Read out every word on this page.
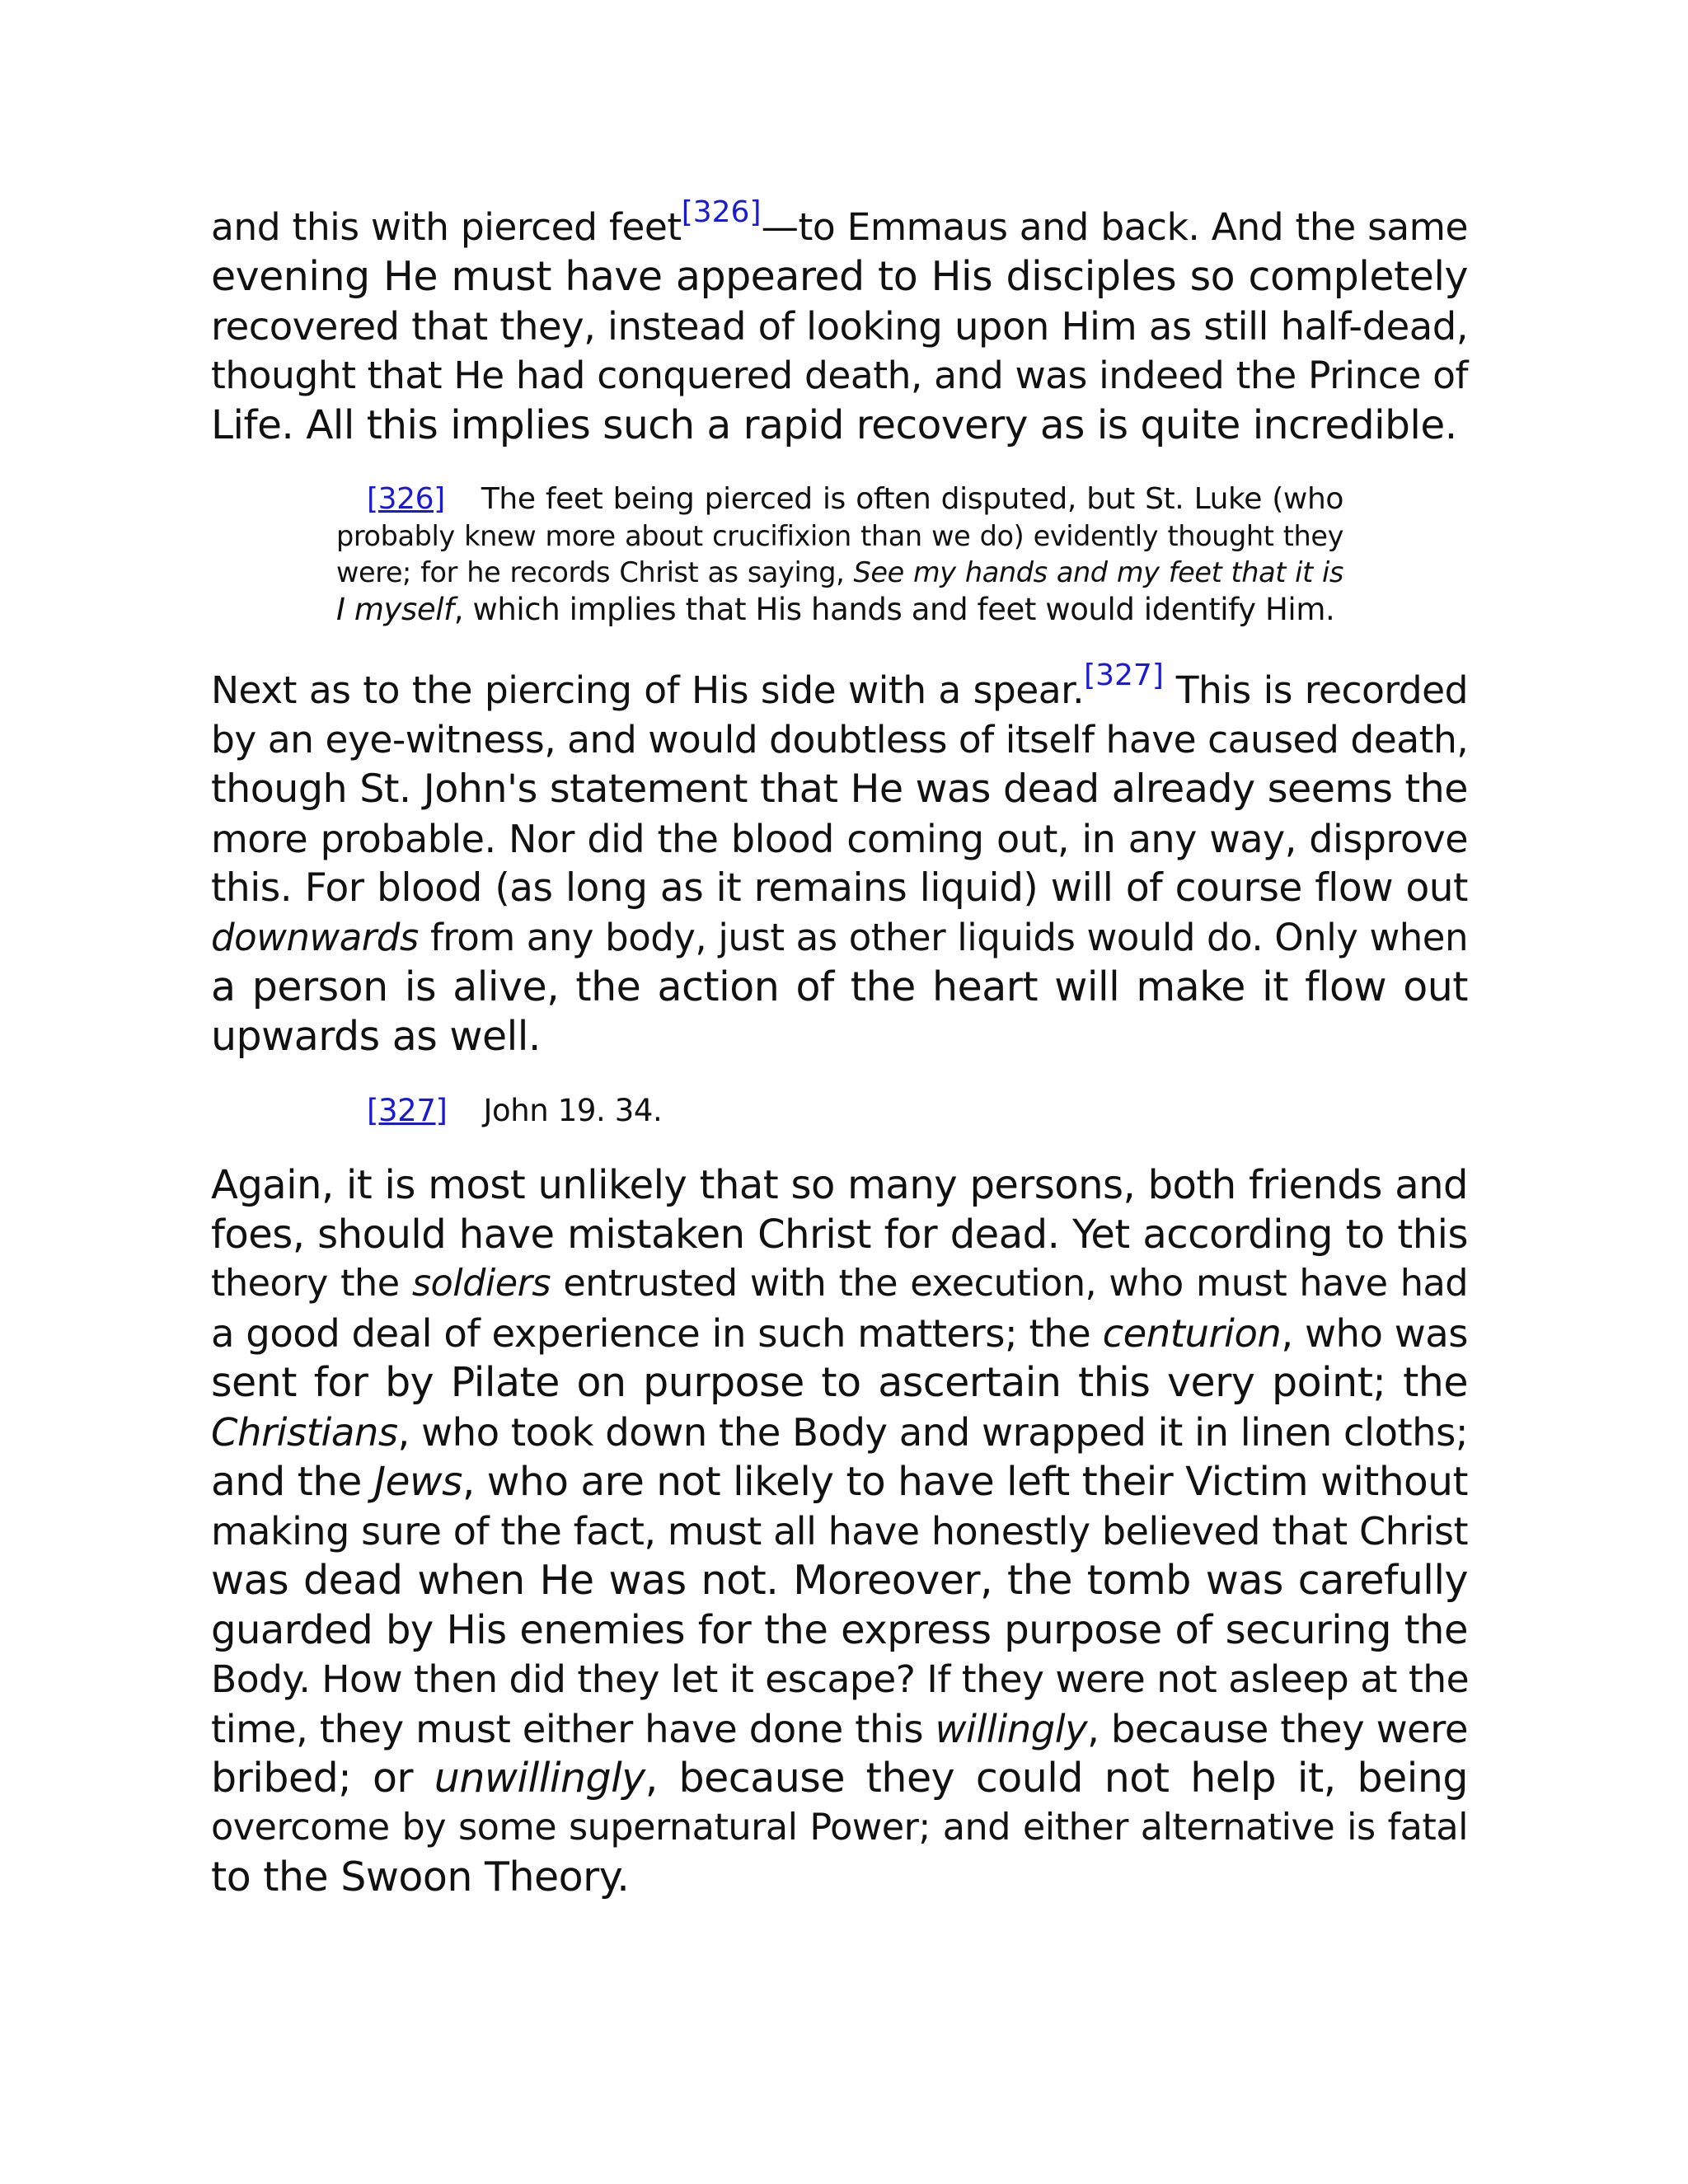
and this with pierced feet[326]—to Emmaus and back. And the same
evening He must have appeared to His disciples so completely
recovered that they, instead of looking upon Him as still half-dead,
thought that He had conquered death, and was indeed the Prince of
Life. All this implies such a rapid recovery as is quite incredible.
[326] The feet being pierced is often disputed, but St. Luke (who
probably knew more about crucifixion than we do) evidently thought they
were; for he records Christ as saying, See my hands and my feet that it is
I myself, which implies that His hands and feet would identify Him.
Next as to the piercing of His side with a spear.[327] This is recorded
by an eye-witness, and would doubtless of itself have caused death,
though St. John's statement that He was dead already seems the
more probable. Nor did the blood coming out, in any way, disprove
this. For blood (as long as it remains liquid) will of course flow out
downwards from any body, just as other liquids would do. Only when
a person is alive, the action of the heart will make it flow out
upwards as well.
[327] John 19. 34.
Again, it is most unlikely that so many persons, both friends and
foes, should have mistaken Christ for dead. Yet according to this
theory the soldiers entrusted with the execution, who must have had
a good deal of experience in such matters; the centurion, who was
sent for by Pilate on purpose to ascertain this very point; the
Christians, who took down the Body and wrapped it in linen cloths;
and the Jews, who are not likely to have left their Victim without
making sure of the fact, must all have honestly believed that Christ
was dead when He was not. Moreover, the tomb was carefully
guarded by His enemies for the express purpose of securing the
Body. How then did they let it escape? If they were not asleep at the
time, they must either have done this willingly, because they were
bribed; or unwillingly, because they could not help it, being
overcome by some supernatural Power; and either alternative is fatal
to the Swoon Theory.
